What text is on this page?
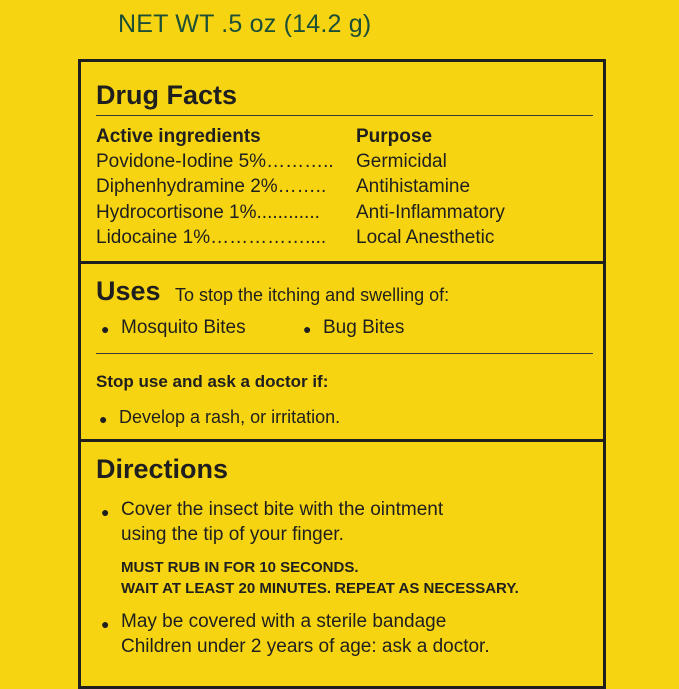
NET WT .5 oz (14.2 g)
Drug Facts
Active ingredients	Purpose
Povidone-Iodine 5%……….. Germicidal
Diphenhydramine 2%…….. Antihistamine
Hydrocortisone 1%............ Anti-Inflammatory
Lidocaine 1%…………….... Local Anesthetic
Uses To stop the itching and swelling of:
● Mosquito Bites	● Bug Bites
Stop use and ask a doctor if:
● Develop a rash, or irritation.
Directions
● Cover the insect bite with the ointment
using the tip of your finger.
MUST RUB IN FOR 10 SECONDS.
WAIT AT LEAST 20 MINUTES. REPEAT AS NECESSARY.
● May be covered with a sterile bandage
Children under 2 years of age: ask a doctor.
